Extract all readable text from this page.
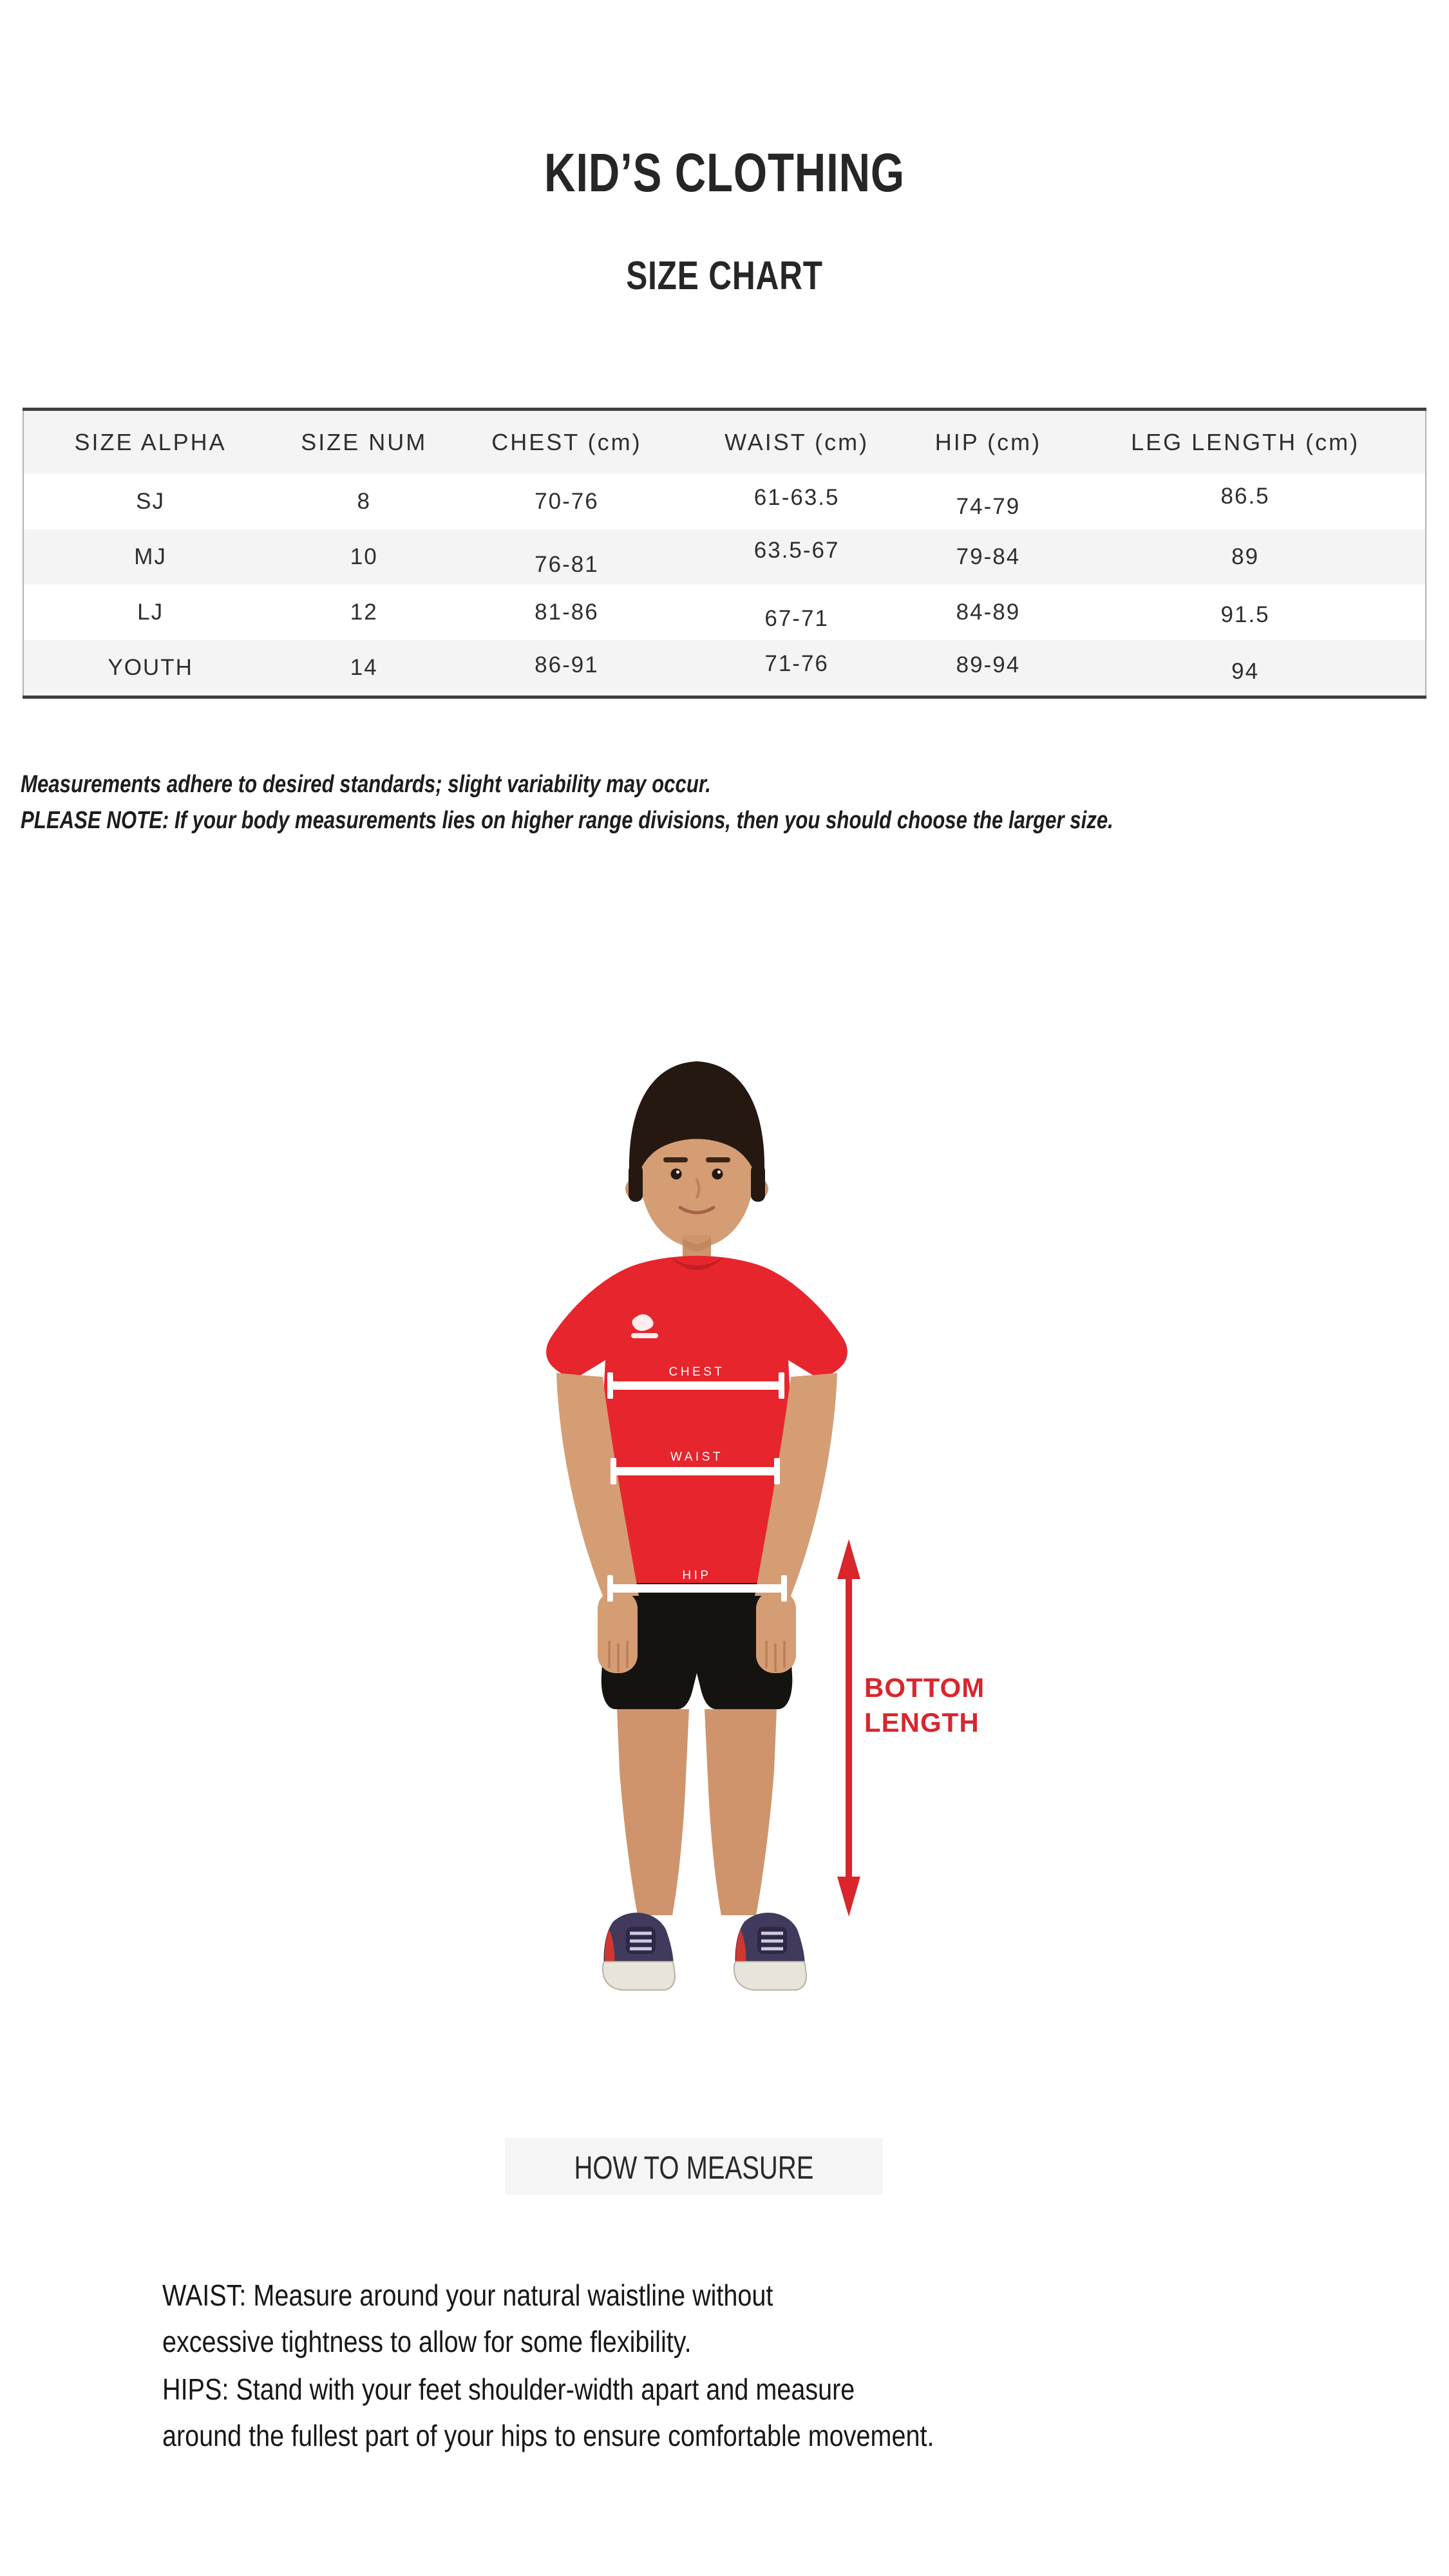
KID’S CLOTHING
SIZE CHART
SIZE ALPHA	SIZE NUM	CHEST (cm)	WAIST (cm)	HIP (cm)	LEG LENGTH (cm)
SJ	8	70-76	61-63.5	74-79	86.5
MJ	10	76-81	63.5-67	79-84	89
LJ	12	81-86	67-71	84-89	91.5
YOUTH	14	86-91	71-76	89-94	94
Measurements adhere to desired standards; slight variability may occur.
PLEASE NOTE: If your body measurements lies on higher range divisions, then you should choose the larger size.
CHEST
WAIST
HIP
BOTTOM
LENGTH
HOW TO MEASURE
WAIST: Measure around your natural waistline without
excessive tightness to allow for some flexibility.
HIPS: Stand with your feet shoulder-width apart and measure
around the fullest part of your hips to ensure comfortable movement.
